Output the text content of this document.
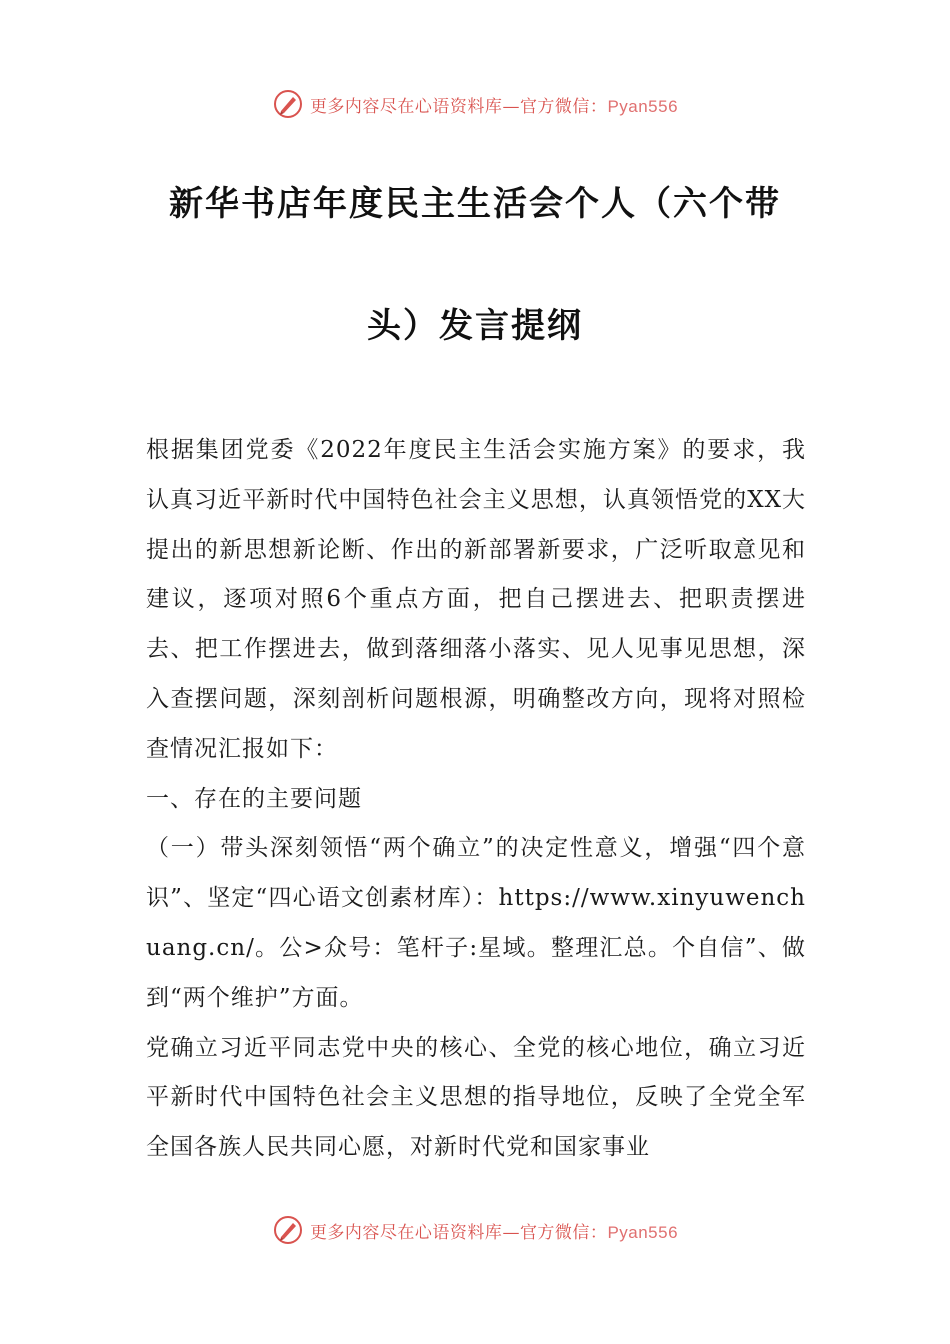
更多内容尽在心语资料库—官方微信：Pyan556
新华书店年度民主生活会个人（六个带
头）发言提纲

根据集团党委《2022年度民主生活会实施方案》的要求，我认真习近平新时代中国特色社会主义思想，认真领悟党的XX大提出的新思想新论断、作出的新部署新要求，广泛听取意见和建议，逐项对照6个重点方面，把自己摆进去、把职责摆进去、把工作摆进去，做到落细落小落实、见人见事见思想，深入查摆问题，深刻剖析问题根源，明确整改方向，现将对照检查情况汇报如下：

一、存在的主要问题

（一）带头深刻领悟“两个确立”的决定性意义，增强“四个意识”、坚定“四心语文创素材库）：https://www.xinyuwenchuang.cn/。公>众号：笔杆子:星域。整理汇总。个自信”、做到“两个维护”方面。

党确立习近平同志党中央的核心、全党的核心地位，确立习近平新时代中国特色社会主义思想的指导地位，反映了全党全军全国各族人民共同心愿，对新时代党和国家事业

更多内容尽在心语资料库—官方微信：Pyan556
